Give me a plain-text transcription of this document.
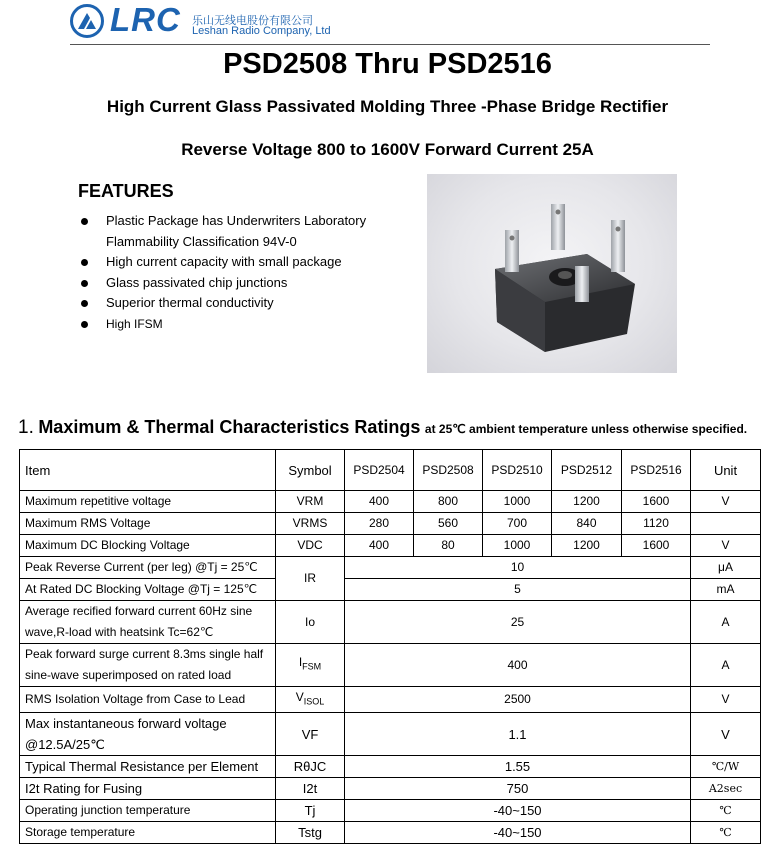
LRC 乐山无线电股份有限公司
Leshan Radio Company, Ltd
PSD2508 Thru PSD2516
High Current Glass Passivated Molding Three -Phase Bridge Rectifier
Reverse Voltage 800 to 1600V Forward Current 25A
FEATURES
Plastic Package has Underwriters Laboratory Flammability Classification 94V-0
High current capacity with small package
Glass passivated chip junctions
Superior thermal conductivity
High IFSM
1. Maximum & Thermal Characteristics Ratings at 25℃ ambient temperature unless otherwise specified.
Item	Symbol	PSD2504	PSD2508	PSD2510	PSD2512	PSD2516	Unit
Maximum repetitive voltage	VRM	400	800	1000	1200	1600	V
Maximum RMS Voltage	VRMS	280	560	700	840	1120	
Maximum DC Blocking Voltage	VDC	400	80	1000	1200	1600	V
Peak Reverse Current (per leg) @Tj = 25℃	IR	10					μA
At Rated DC Blocking Voltage @Tj = 125℃		5					mA
Average recified forward current 60Hz sine
wave,R-load with heatsink Tc=62℃	Io	25					A
Peak forward surge current 8.3ms single half
sine-wave superimposed on rated load	$I_{FSM}$	400					A
RMS Isolation Voltage from Case to Lead	$V_{ISOL}$	2500					V
Max instantaneous forward voltage
@12.5A/25℃	VF	1.1					V
Typical Thermal Resistance per Element	RθJC	1.55					℃/W
I2t Rating for Fusing	I2t	750					A2sec
Operating junction temperature	Tj	-40~150					℃
Storage temperature	Tstg	-40~150					℃
